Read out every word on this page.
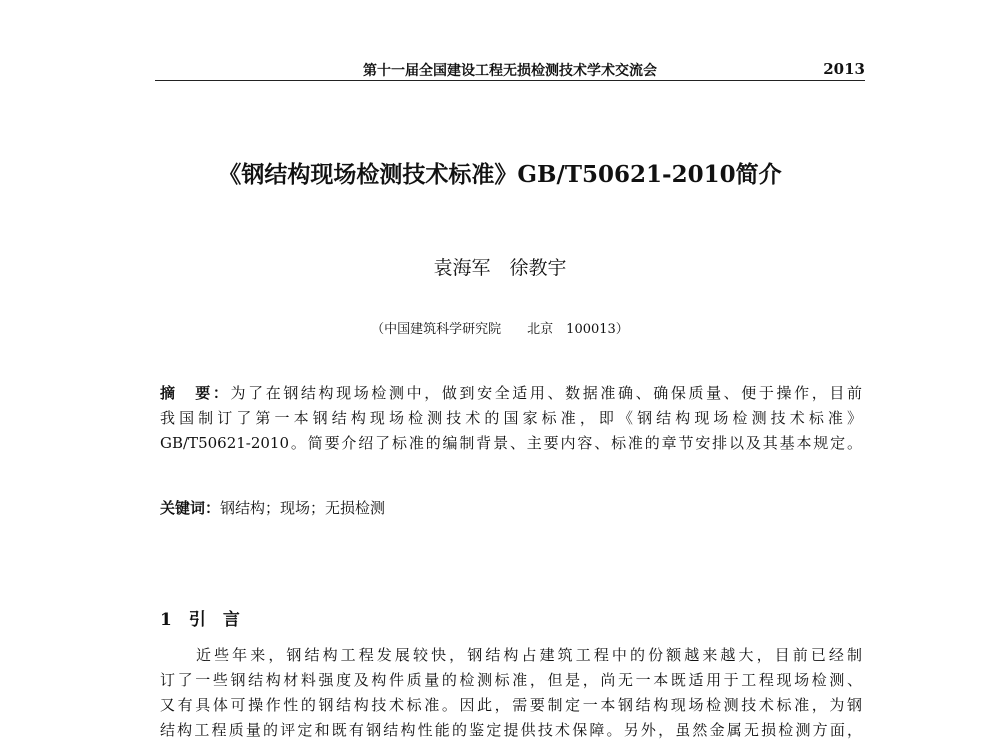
第十一届全国建设工程无损检测技术学术交流会	2013
《钢结构现场检测技术标准》GB/T50621-2010简介
袁海军　徐教宇
（中国建筑科学研究院　　北京　100013）
摘　要：为了在钢结构现场检测中，做到安全适用、数据准确、确保质量、便于操作，目前
我国制订了第一本钢结构现场检测技术的国家标准，即《钢结构现场检测技术标准》
GB/T50621-2010。简要介绍了标准的编制背景、主要内容、标准的章节安排以及其基本规定。
关键词：钢结构；现场；无损检测
1　引　言
近些年来，钢结构工程发展较快，钢结构占建筑工程中的份额越来越大，目前已经制
订了一些钢结构材料强度及构件质量的检测标准，但是，尚无一本既适用于工程现场检测、
又有具体可操作性的钢结构技术标准。因此，需要制定一本钢结构现场检测技术标准，为钢
结构工程质量的评定和既有钢结构性能的鉴定提供技术保障。另外，虽然金属无损检测方面，
